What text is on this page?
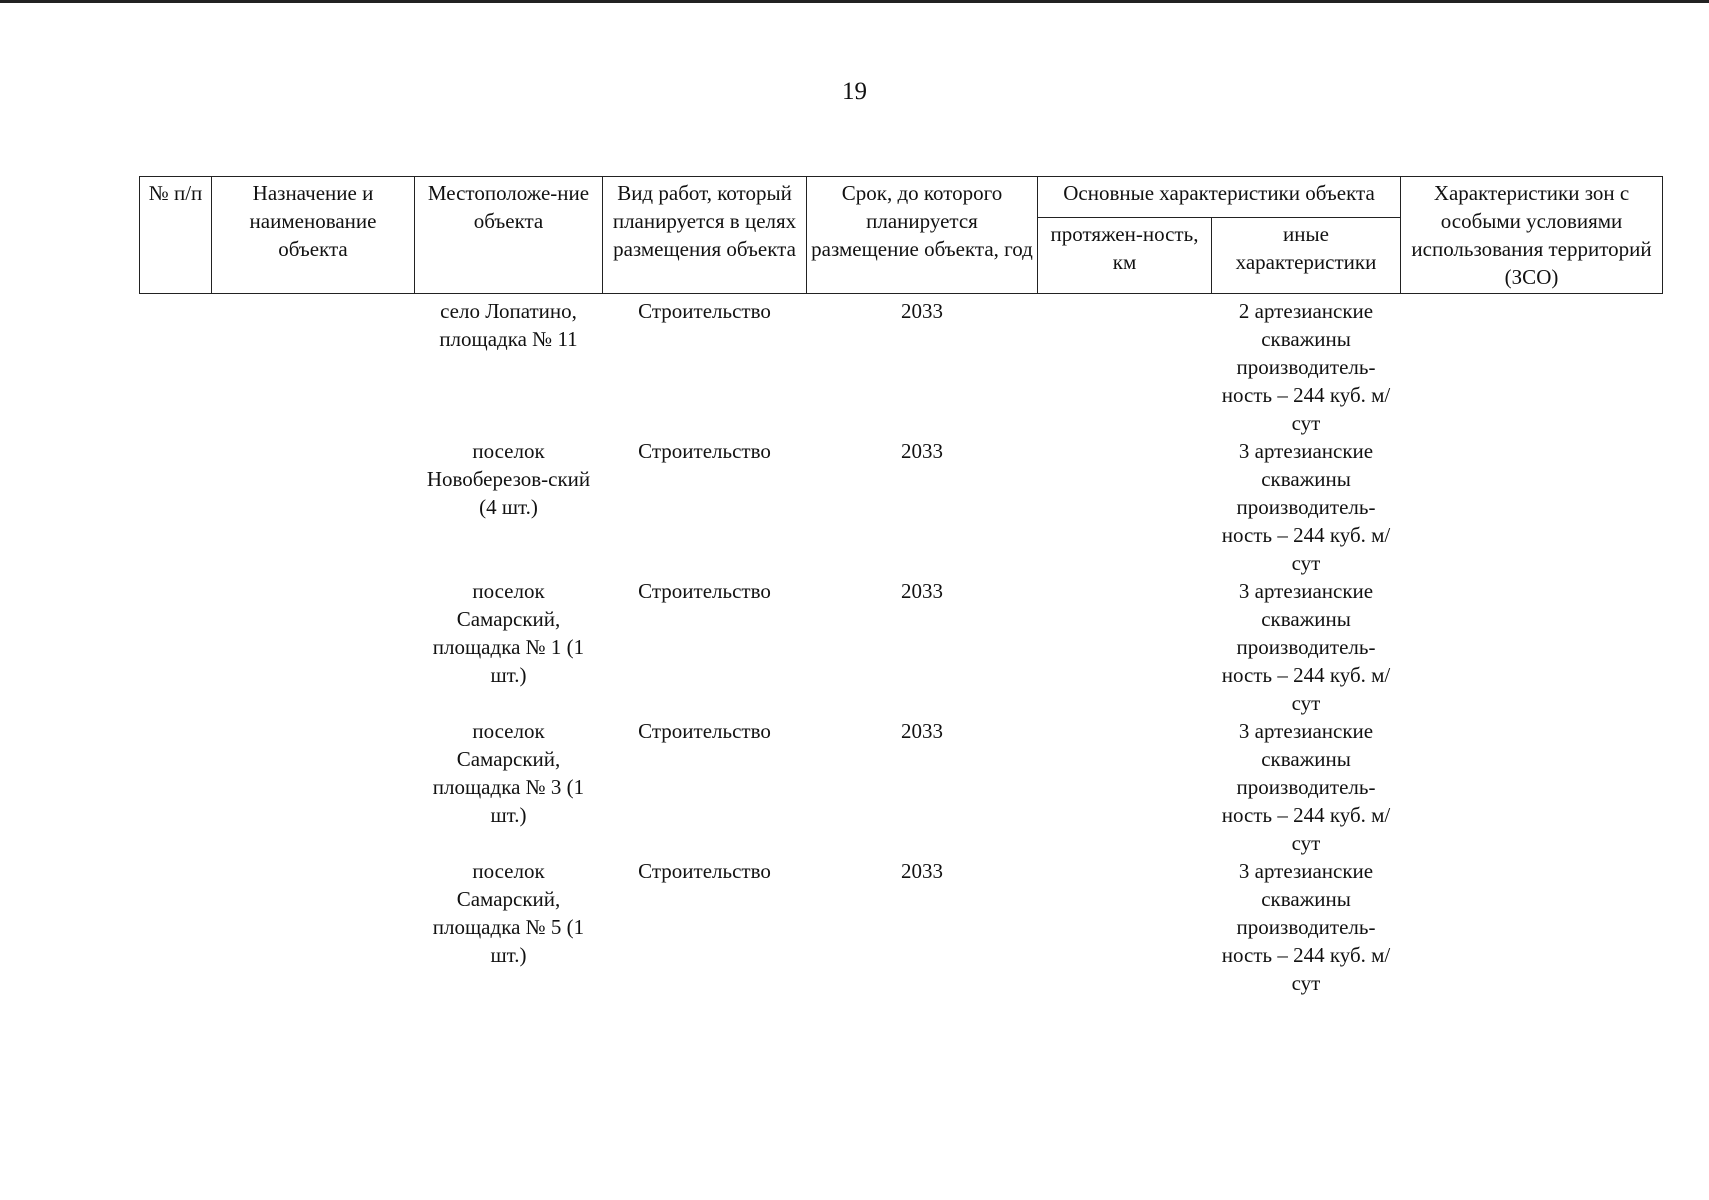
19
№ п/п	Назначение и наименование объекта	Местоположе-ние объекта	Вид работ, который планируется в целях размещения объекта	Срок, до которого планируется размещение объекта, год	Основные характеристики объекта		Характеристики зон с особыми условиями использования территорий (ЗСО)
					протяжен-ность, км	иные характеристики	
		село Лопатино, площадка № 11	Строительство	2033		2 артезианские скважины производитель-ность – 244 куб. м/сут	
		поселок Новоберезов-ский (4 шт.)	Строительство	2033		3 артезианские скважины производитель-ность – 244 куб. м/сут	
		поселок Самарский, площадка № 1 (1 шт.)	Строительство	2033		3 артезианские скважины производитель-ность – 244 куб. м/сут	
		поселок Самарский, площадка № 3 (1 шт.)	Строительство	2033		3 артезианские скважины производитель-ность – 244 куб. м/сут	
		поселок Самарский, площадка № 5 (1 шт.)	Строительство	2033		3 артезианские скважины производитель-ность – 244 куб. м/сут	
